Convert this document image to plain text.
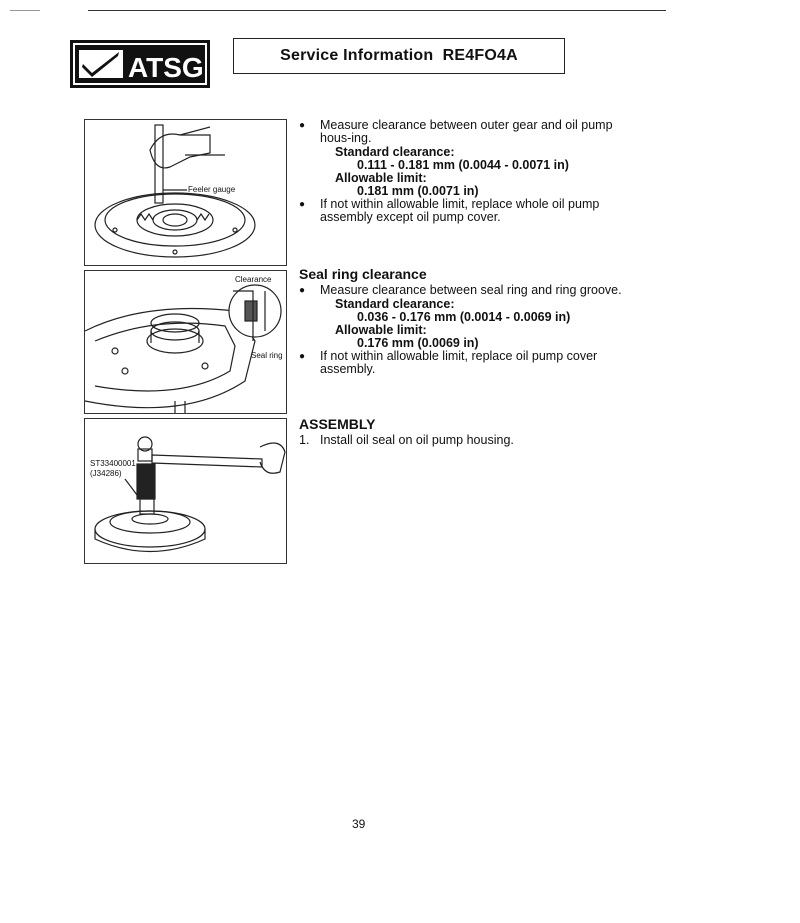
ATSG	Service Information
RE4FO4A
Feeler gauge
Clearance
Seal ring
ST33400001
(J34286)
● Measure clearance between outer gear and oil pump hous-ing.
Standard clearance:
0.111 - 0.181 mm (0.0044 - 0.0071 in)
Allowable limit:
0.181 mm (0.0071 in)
● If not within allowable limit, replace whole oil pump assembly except oil pump cover.
Seal ring clearance
● Measure clearance between seal ring and ring groove.
Standard clearance:
0.036 - 0.176 mm (0.0014 - 0.0069 in)
Allowable limit:
0.176 mm (0.0069 in)
● If not within allowable limit, replace oil pump cover assembly.
ASSEMBLY
1. Install oil seal on oil pump housing.
39
